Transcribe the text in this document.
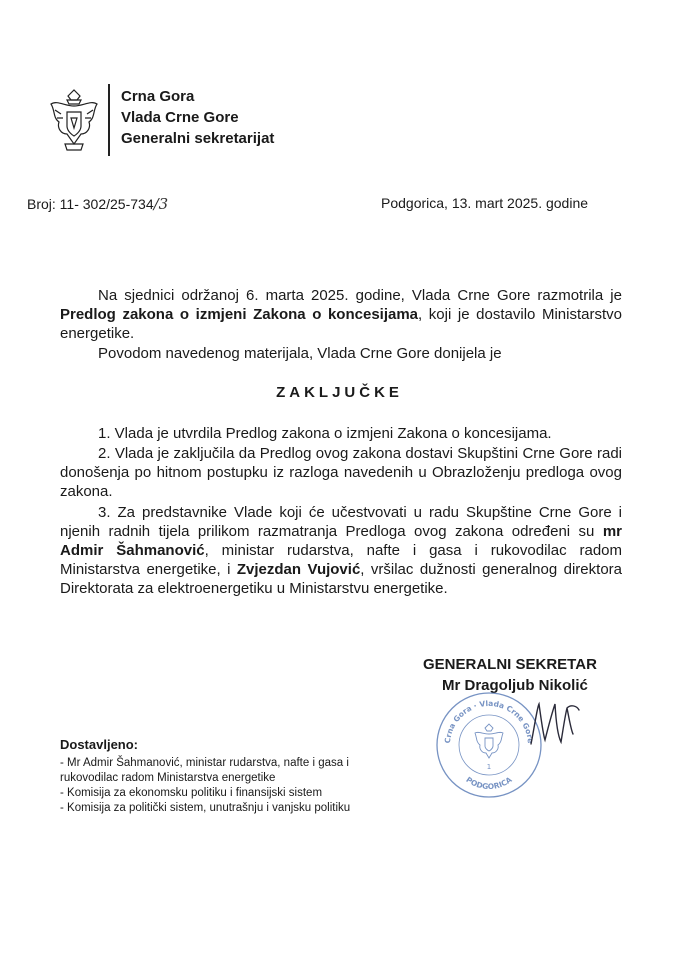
Crna Gora
Vlada Crne Gore
Generalni sekretarijat
Broj: 11- 302/25-734/3	Podgorica, 13. mart 2025. godine
Na sjednici održanoj 6. marta 2025. godine, Vlada Crne Gore razmotrila je Predlog zakona o izmjeni Zakona o koncesijama, koji je dostavilo Ministarstvo energetike.
Povodom navedenog materijala, Vlada Crne Gore donijela je
ZAKLJUČKE
1. Vlada je utvrdila Predlog zakona o izmjeni Zakona o koncesijama.
2. Vlada je zaključila da Predlog ovog zakona dostavi Skupštini Crne Gore radi donošenja po hitnom postupku iz razloga navedenih u Obrazloženju predloga ovog zakona.
3. Za predstavnike Vlade koji će učestvovati u radu Skupštine Crne Gore i njenih radnih tijela prilikom razmatranja Predloga ovog zakona određeni su mr Admir Šahmanović, ministar rudarstva, nafte i gasa i rukovodilac radom Ministarstva energetike, i Zvjezdan Vujović, vršilac dužnosti generalnog direktora Direktorata za elektroenergetiku u Ministarstvu energetike.
GENERALNI SEKRETAR
Mr Dragoljub Nikolić
Crna Gora · Vlada Crne Gore
PODGORICA
1
Dostavljeno:
- Mr Admir Šahmanović, ministar rudarstva, nafte i gasa i rukovodilac radom Ministarstva energetike
- Komisija za ekonomsku politiku i finansijski sistem
- Komisija za politički sistem, unutrašnju i vanjsku politiku
